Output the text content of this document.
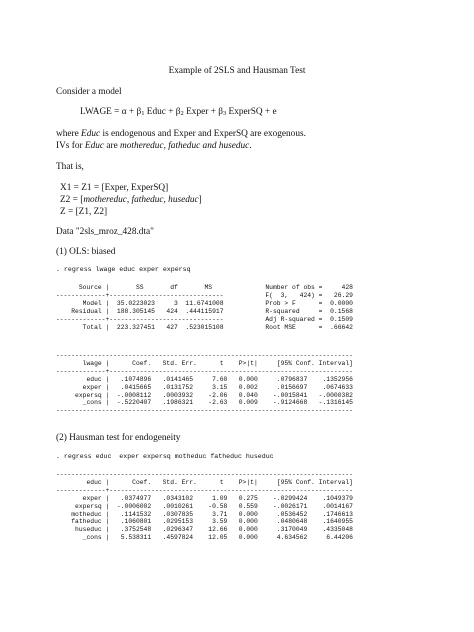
Example of 2SLS and Hausman Test
Consider a model
LWAGE = $\alpha + \beta_1$ Educ + $\beta_2$ Exper + $\beta_3$ ExperSQ + e
where Educ is endogenous and Exper and ExperSQ are exogenous.
IVs for Educ are mothereduc, fatheduc and huseduc.
That is,
X1 = Z1 = [Exper, ExperSQ]
Z2 = [mothereduc, fatheduc, huseduc]
Z = [Z1, Z2]
Data "2sls_mroz_428.dta"
(1) OLS: biased
. regress lwage educ exper expersq
Source |       SS       df       MS              Number of obs =     428
-------------+------------------------------           F(  3,   424) =   26.29
Model |  35.0223023     3  11.6741008           Prob > F      =  0.0000
Residual |  188.305145   424  .444115917           R-squared     =  0.1568
-------------+------------------------------           Adj R-squared =  0.1509
Total |  223.327451   427  .523015108           Root MSE      =  .66642
------------------------------------------------------------------------------
lwage |      Coef.   Std. Err.      t    P>|t|     [95% Conf. Interval]
-------------+----------------------------------------------------------------
educ |   .1074896   .0141465     7.60   0.000     .0796837    .1352956
exper |   .0415665   .0131752     3.15   0.002     .0156697    .0674633
expersq |  -.0008112   .0003932    -2.06   0.040    -.0015841   -.0000382
_cons |  -.5220407   .1986321    -2.63   0.009    -.9124668   -.1316145
------------------------------------------------------------------------------
(2) Hausman test for endogeneity
. regress educ  exper expersq motheduc fatheduc huseduc
------------------------------------------------------------------------------
educ |      Coef.   Std. Err.      t    P>|t|     [95% Conf. Interval]
-------------+----------------------------------------------------------------
exper |   .0374977   .0343102     1.09   0.275    -.0299424    .1049379
expersq |  -.0006002   .0010261    -0.58   0.559    -.0026171    .0014167
motheduc |   .1141532   .0307835     3.71   0.000     .0536452    .1746613
fatheduc |   .1060801   .0295153     3.59   0.000     .0480648    .1640955
huseduc |   .3752548   .0296347    12.66   0.000     .3170049    .4335048
_cons |   5.538311   .4597824    12.05   0.000     4.634562     6.44206
